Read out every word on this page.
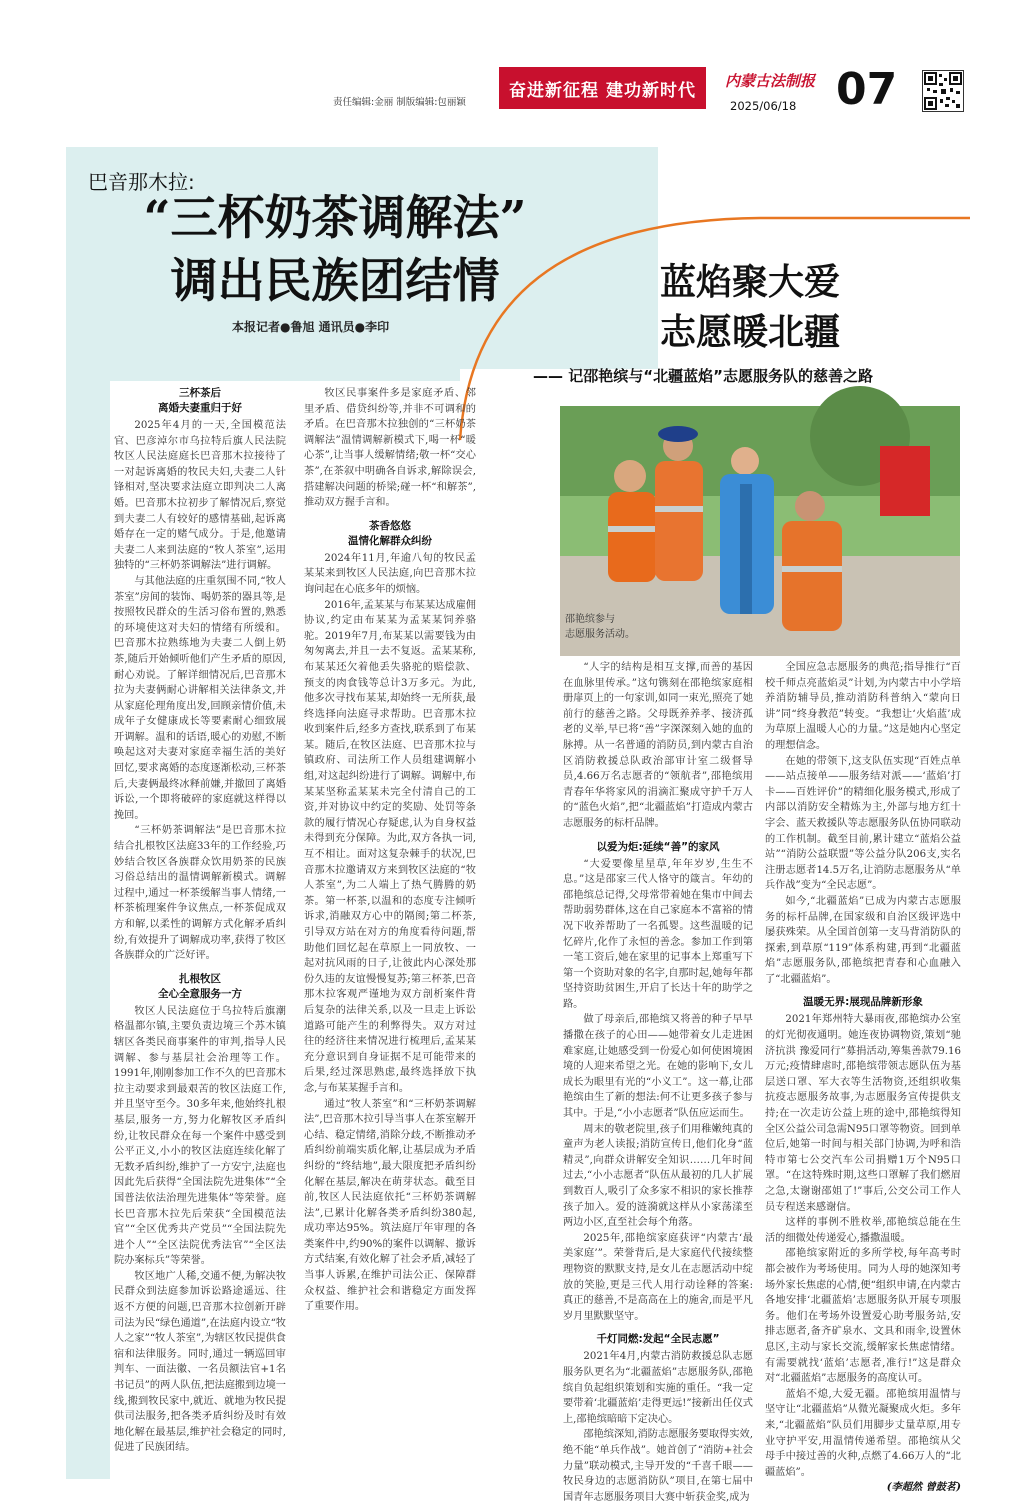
责任编辑:金丽 制版编辑:包丽颖
奋进新征程 建功新时代	内蒙古法制报
2025/06/18 07
巴音那木拉:
“三杯奶茶调解法”
调出民族团结情
本报记者●鲁旭 通讯员●李印
三杯茶后
离婚夫妻重归于好

2025年4月的一天,全国模范法官、巴彦淖尔市乌拉特后旗人民法院牧区人民法庭庭长巴音那木拉接待了一对起诉离婚的牧民夫妇,夫妻二人针锋相对,坚决要求法庭立即判决二人离婚。巴音那木拉初步了解情况后,察觉到夫妻二人有较好的感情基础,起诉离婚存在一定的赌气成分。于是,他邀请夫妻二人来到法庭的“牧人茶室”,运用独特的“三杯奶茶调解法”进行调解。

与其他法庭的庄重氛围不同,“牧人茶室”房间的装饰、喝奶茶的器具等,是按照牧民群众的生活习俗布置的,熟悉的环境使这对夫妇的情绪有所缓和。巴音那木拉熟练地为夫妻二人倒上奶茶,随后开始倾听他们产生矛盾的原因,耐心劝说。了解详细情况后,巴音那木拉为夫妻俩耐心讲解相关法律条文,并从家庭伦理角度出发,回顾亲情价值,未成年子女健康成长等要素耐心细致展开调解。温和的话语,暖心的劝慰,不断唤起这对夫妻对家庭幸福生活的美好回忆,要求离婚的态度逐渐松动,三杯茶后,夫妻俩最终冰释前嫌,并撤回了离婚诉讼,一个即将破碎的家庭就这样得以挽回。

“三杯奶茶调解法”是巴音那木拉结合扎根牧区法庭33年的工作经验,巧妙结合牧区各族群众饮用奶茶的民族习俗总结出的温情调解新模式。调解过程中,通过一杯茶缓解当事人情绪,一杯茶梳理案件争议焦点,一杯茶促成双方和解,以柔性的调解方式化解矛盾纠纷,有效提升了调解成功率,获得了牧区各族群众的广泛好评。

扎根牧区
全心全意服务一方

牧区人民法庭位于乌拉特后旗潮格温都尔镇,主要负责边境三个苏木镇辖区各类民商事案件的审判,指导人民调解、参与基层社会治理等工作。1991年,刚刚参加工作不久的巴音那木拉主动要求到最艰苦的牧区法庭工作,并且坚守至今。30多年来,他始终扎根基层,服务一方,努力化解牧区矛盾纠纷,让牧民群众在每一个案件中感受到公平正义,小小的牧区法庭连续化解了无数矛盾纠纷,维护了一方安宁,法庭也因此先后获得“全国法院先进集体”“全国普法依法治理先进集体”等荣誉。庭长巴音那木拉先后荣获“全国模范法官”“全区优秀共产党员”“全国法院先进个人”“全区法院优秀法官”“全区法院办案标兵”等荣誉。

牧区地广人稀,交通不便,为解决牧民群众到法庭参加诉讼路途遥远、往返不方便的问题,巴音那木拉创新开辟司法为民“绿色通道”,在法庭内设立“牧人之家”“牧人茶室”,为辖区牧民提供食宿和法律服务。同时,通过一辆巡回审判车、一面法徽、一名员额法官+1名书记员”的两人队伍,把法庭搬到边境一线,搬到牧民家中,就近、就地为牧民提供司法服务,把各类矛盾纠纷及时有效地化解在最基层,维护社会稳定的同时,促进了民族团结。

牧区民事案件多是家庭矛盾、邻里矛盾、借贷纠纷等,并非不可调和的矛盾。在巴音那木拉独创的“三杯奶茶调解法”温情调解新模式下,喝一杯“暖心茶”,让当事人缓解情绪;敬一杯“交心茶”,在茶叙中明确各自诉求,解除误会,搭建解决问题的桥梁;碰一杯“和解茶”,推动双方握手言和。

茶香悠悠
温情化解群众纠纷

2024年11月,年逾八旬的牧民孟某某来到牧区人民法庭,向巴音那木拉询问起在心底多年的烦恼。

2016年,孟某某与布某某达成雇佣协议,约定由布某某为孟某某饲养骆驼。2019年7月,布某某以需要钱为由匆匆离去,并且一去不复返。孟某某称,布某某还欠着他丢失骆驼的赔偿款、预支的肉食钱等总计3万多元。为此,他多次寻找布某某,却始终一无所获,最终选择向法庭寻求帮助。巴音那木拉收到案件后,经多方查找,联系到了布某某。随后,在牧区法庭、巴音那木拉与镇政府、司法所工作人员组建调解小组,对这起纠纷进行了调解。调解中,布某某坚称孟某某未完全付清自己的工资,并对协议中约定的奖励、处罚等条款的履行情况心存疑虑,认为自身权益未得到充分保障。为此,双方各执一词,互不相让。面对这复杂棘手的状况,巴音那木拉邀请双方来到牧区法庭的“牧人茶室”,为二人端上了热气腾腾的奶茶。第一杯茶,以温和的态度专注倾听诉求,消融双方心中的隔阂;第二杯茶,引导双方站在对方的角度看待问题,帮助他们回忆起在草原上一同放牧、一起对抗风雨的日子,让彼此内心深处那份久违的友谊慢慢复苏;第三杯茶,巴音那木拉客观严谨地为双方剖析案件背后复杂的法律关系,以及一旦走上诉讼道路可能产生的利弊得失。双方对过往的经济往来情况进行梳理后,孟某某充分意识到自身证据不足可能带来的后果,经过深思熟虑,最终选择放下执念,与布某某握手言和。

通过“牧人茶室”和“三杯奶茶调解法”,巴音那木拉引导当事人在茶室解开心结、稳定情绪,消除分歧,不断推动矛盾纠纷前端实质化解,让基层成为矛盾纠纷的“终结地”,最大限度把矛盾纠纷化解在基层,解决在萌芽状态。截至目前,牧区人民法庭依托“三杯奶茶调解法”,已累计化解各类矛盾纠纷380起,成功率达95%。筑法庭厅年审理的各类案件中,约90%的案件以调解、撤诉方式结案,有效化解了社会矛盾,减轻了当事人诉累,在维护司法公正、保障群众权益、维护社会和谐稳定方面发挥了重要作用。

蓝焰聚大爱
志愿暖北疆
—— 记邵艳缤与“北疆蓝焰”志愿服务队的慈善之路
邵艳缤参与
志愿服务活动。

“人字的结构是相互支撑,而善的基因在血脉里传承。”这句镌刻在邵艳缤家庭相册扉页上的一句家训,如同一束光,照亮了她前行的慈善之路。父母既养养孝、接济孤老的义举,早已将“善”字深深刻入她的血的脉搏。从一名普通的消防员,到内蒙古自治区消防救援总队政治部审计室二级督导员,4.66万名志愿者的“领航者”,邵艳缤用青春年华将家风的涓滴汇聚成守护千万人的“蓝色火焰”,把“北疆蓝焰”打造成内蒙古志愿服务的标杆品牌。

以爱为炬:延续“善”的家风

“大爱要像星星草,年年岁岁,生生不息。”这是邵家三代人恪守的箴言。年幼的邵艳缤总记得,父母常带着她在集市中间去帮助弱势群体,这在自己家庭本不富裕的情况下收养帮助了一名孤婴。这些温暖的记忆碎片,化作了永恒的善念。参加工作到第一笔工资后,她在家里的记事本上郑重写下第一个资助对象的名字,自那时起,她每年都坚持资助贫困生,开启了长达十年的助学之路。

做了母亲后,邵艳缤又将善的种子早早播撒在孩子的心田——她带着女儿走进困难家庭,让她感受到一份爱心如何使困境困境的人迎来希望之光。在她的影响下,女儿成长为眼里有光的“小义工”。这一幕,让邵艳缤由生了新的想法:何不让更多孩子参与其中。于是,“小小志愿者”队伍应运而生。

周末的敬老院里,孩子们用稚嫩纯真的童声为老人读报;消防宣传日,他们化身“蓝精灵”,向群众讲解安全知识……几年时间过去,“小小志愿者”队伍从最初的几人扩展到数百人,吸引了众多家不相识的家长推荐孩子加入。爱的涟漪就这样从小家荡漾至两边小区,直至社会每个角落。

2025年,邵艳缤家庭获评“内蒙古‘最美家庭’”。荣誉背后,是大家庭代代接续整理物资的默默支持,是女儿在志愿活动中绽放的笑脸,更是三代人用行动诠释的答案:真正的慈善,不是高高在上的施舍,而是平凡岁月里默默坚守。

千灯同燃:发起“全民志愿”

2021年4月,内蒙古消防救援总队志愿服务队更名为“北疆蓝焰”志愿服务队,邵艳缤自负起组织策划和实施的重任。“我一定要带着‘北疆蓝焰’走得更远!”接新出任仪式上,邵艳缤暗暗下定决心。

邵艳缤深知,消防志愿服务要取得实效,绝不能“单兵作战”。她首创了“消防+社会力量”联动模式,主导开发的“千喜千眼——牧民身边的志愿消防队”项目,在第七届中国青年志愿服务项目大赛中斩获金奖,成为

全国应急志愿服务的典范;指导推行“百校千师点亮蓝焰灵”计划,为内蒙古中小学培养消防辅导员,推动消防科普纳入“蒙向日讲”同“终身教范”转变。“我想让‘火焰蓝’成为草原上温暖人心的力量。”这是她内心坚定的理想信念。

在她的带领下,这支队伍实现“百姓点单——站点接单——服务结对派——‘蓝焰’打卡——百姓评价”的精细化服务模式,形成了内部以消防安全精炼为主,外部与地方红十字会、蓝天救援队等志愿服务队伍协同联动的工作机制。截至目前,累计建立“蓝焰公益站”“消防公益联盟”等公益分队206支,实名注册志愿者14.5万名,让消防志愿服务从“单兵作战”变为“全民志愿”。

如今,“北疆蓝焰”已成为内蒙古志愿服务的标杆品牌,在国家级和自治区级评选中屡获殊荣。从全国首创第一支马背消防队的探索,到草原“119”体系构建,再到“北疆蓝焰”志愿服务队,邵艳缤把青春和心血融入了“北疆蓝焰”。

温暖无界:展现品牌新形象

2021年郑州特大暴雨夜,邵艳缤办公室的灯光彻夜通明。她连夜协调物资,策划“驰济抗洪 豫爱同行”募捐活动,筹集善款79.16万元;疫情肆虐时,邵艳缤带领志愿队伍为基层送口罩、军大衣等生活物资,还组织收集抗疫志愿服务故事,为志愿服务宣传提供支持;在一次走访公益上班的途中,邵艳缤得知全区公益公司急需N95口罩等物资。回到单位后,她第一时间与相关部门协调,为呼和浩特市第七公交汽车公司捐赠1万个N95口罩。“在这特殊时期,这些口罩解了我们燃眉之急,太谢谢邵姐了!”事后,公交公司工作人员专程送来感谢信。

这样的事例不胜枚举,邵艳缤总能在生活的细微处传递爱心,播撒温暖。

邵艳缤家附近的多所学校,每年高考时都会被作为考场使用。同为人母的她深知考场外家长焦虑的心情,便“组织申请,在内蒙古各地安排‘北疆蓝焰’志愿服务队开展专项服务。他们在考场外设置爱心助考服务站,安排志愿者,备齐矿泉水、文具和雨伞,设置休息区,主动与家长交流,缓解家长焦虑情绪。有需要就找‘蓝焰’志愿者,准行!”这是群众对“北疆蓝焰”志愿服务的高度认可。

蓝焰不熄,大爱无疆。邵艳缤用温情与坚守让“北疆蓝焰”从微光凝聚成火炬。多年来,“北疆蓝焰”队员们用脚步丈量草原,用专业守护平安,用温情传递希望。邵艳缤从父母手中接过善的火种,点燃了4.66万人的“北疆蓝焰”。

(李超然 曾鼓茗)
